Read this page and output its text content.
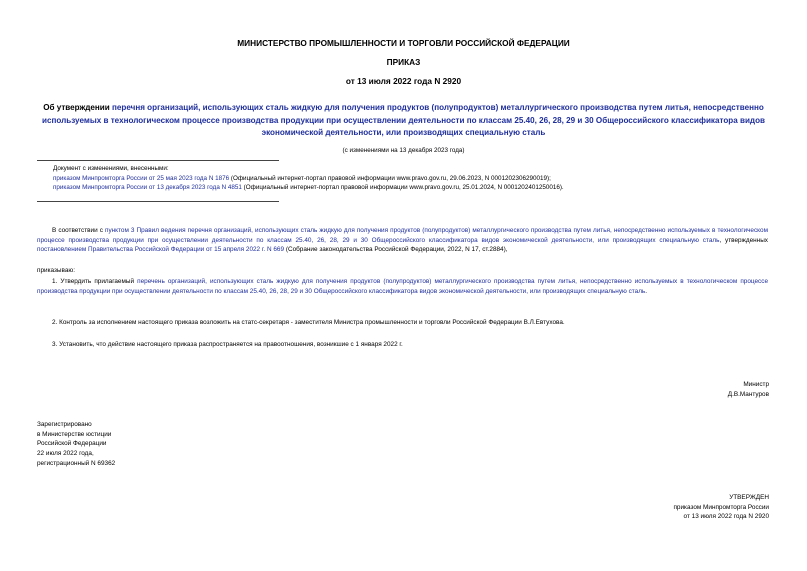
МИНИСТЕРСТВО ПРОМЫШЛЕННОСТИ И ТОРГОВЛИ РОССИЙСКОЙ ФЕДЕРАЦИИ
ПРИКАЗ
от 13 июля 2022 года N 2920
Об утверждении перечня организаций, использующих сталь жидкую для получения продуктов (полупродуктов) металлургического производства путем литья, непосредственно используемых в технологическом процессе производства продукции при осуществлении деятельности по классам 25.40, 26, 28, 29 и 30 Общероссийского классификатора видов экономической деятельности, или производящих специальную сталь
(с изменениями на 13 декабря 2023 года)
Документ с изменениями, внесенными:
приказом Минпромторга России от 25 мая 2023 года N 1876 (Официальный интернет-портал правовой информации www.pravo.gov.ru, 29.06.2023, N 0001202306290019);
приказом Минпромторга России от 13 декабря 2023 года N 4851 (Официальный интернет-портал правовой информации www.pravo.gov.ru, 25.01.2024, N 0001202401250016).
В соответствии с пунктом 3 Правил ведения перечня организаций, использующих сталь жидкую для получения продуктов (полупродуктов) металлургического производства путем литья, непосредственно используемых в технологическом процессе производства продукции при осуществлении деятельности по классам 25.40, 26, 28, 29 и 30 Общероссийского классификатора видов экономической деятельности, или производящих специальную сталь, утвержденных постановлением Правительства Российской Федерации от 15 апреля 2022 г. N 669 (Собрание законодательства Российской Федерации, 2022, N 17, ст.2884),
приказываю:
1. Утвердить прилагаемый перечень организаций, использующих сталь жидкую для получения продуктов (полупродуктов) металлургического производства путем литья, непосредственно используемых в технологическом процессе производства продукции при осуществлении деятельности по классам 25.40, 26, 28, 29 и 30 Общероссийского классификатора видов экономической деятельности, или производящих специальную сталь.
2. Контроль за исполнением настоящего приказа возложить на статс-секретаря - заместителя Министра промышленности и торговли Российской Федерации В.Л.Евтухова.
3. Установить, что действие настоящего приказа распространяется на правоотношения, возникшие с 1 января 2022 г.
Министр
Д.В.Мантуров
Зарегистрировано
в Министерстве юстиции
Российской Федерации
22 июля 2022 года,
регистрационный N 69362
УТВЕРЖДЕН
приказом Минпромторга России
от 13 июля 2022 года N 2920
